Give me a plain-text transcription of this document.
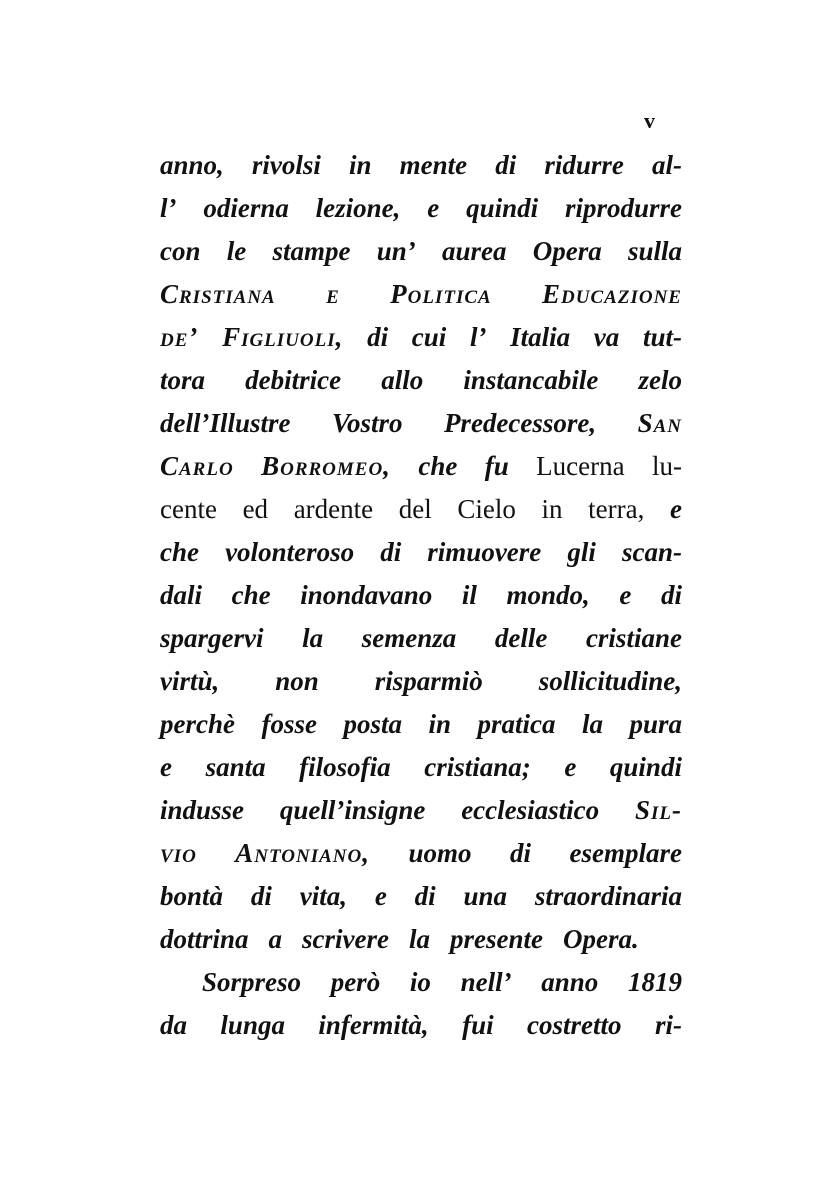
v
anno, rivolsi in mente di ridurre al-
l’ odierna lezione, e quindi riprodurre
con le stampe un’ aurea Opera sulla
Cristiana e Politica Educazione
de’ Figliuoli, di cui l’ Italia va tut-
tora debitrice allo instancabile zelo
dell’Illustre Vostro Predecessore, San
Carlo Borromeo, che fu Lucerna lu-
cente ed ardente del Cielo in terra, e
che volonteroso di rimuovere gli scan-
dali che inondavano il mondo, e di
spargervi la semenza delle cristiane
virtù, non risparmiò sollicitudine,
perchè fosse posta in pratica la pura
e santa filosofia cristiana; e quindi
indusse quell’insigne ecclesiastico Sil-
vio Antoniano, uomo di esemplare
bontà di vita, e di una straordinaria
dottrina a scrivere la presente Opera.
Sorpreso però io nell’ anno 1819
da lunga infermità, fui costretto ri-
